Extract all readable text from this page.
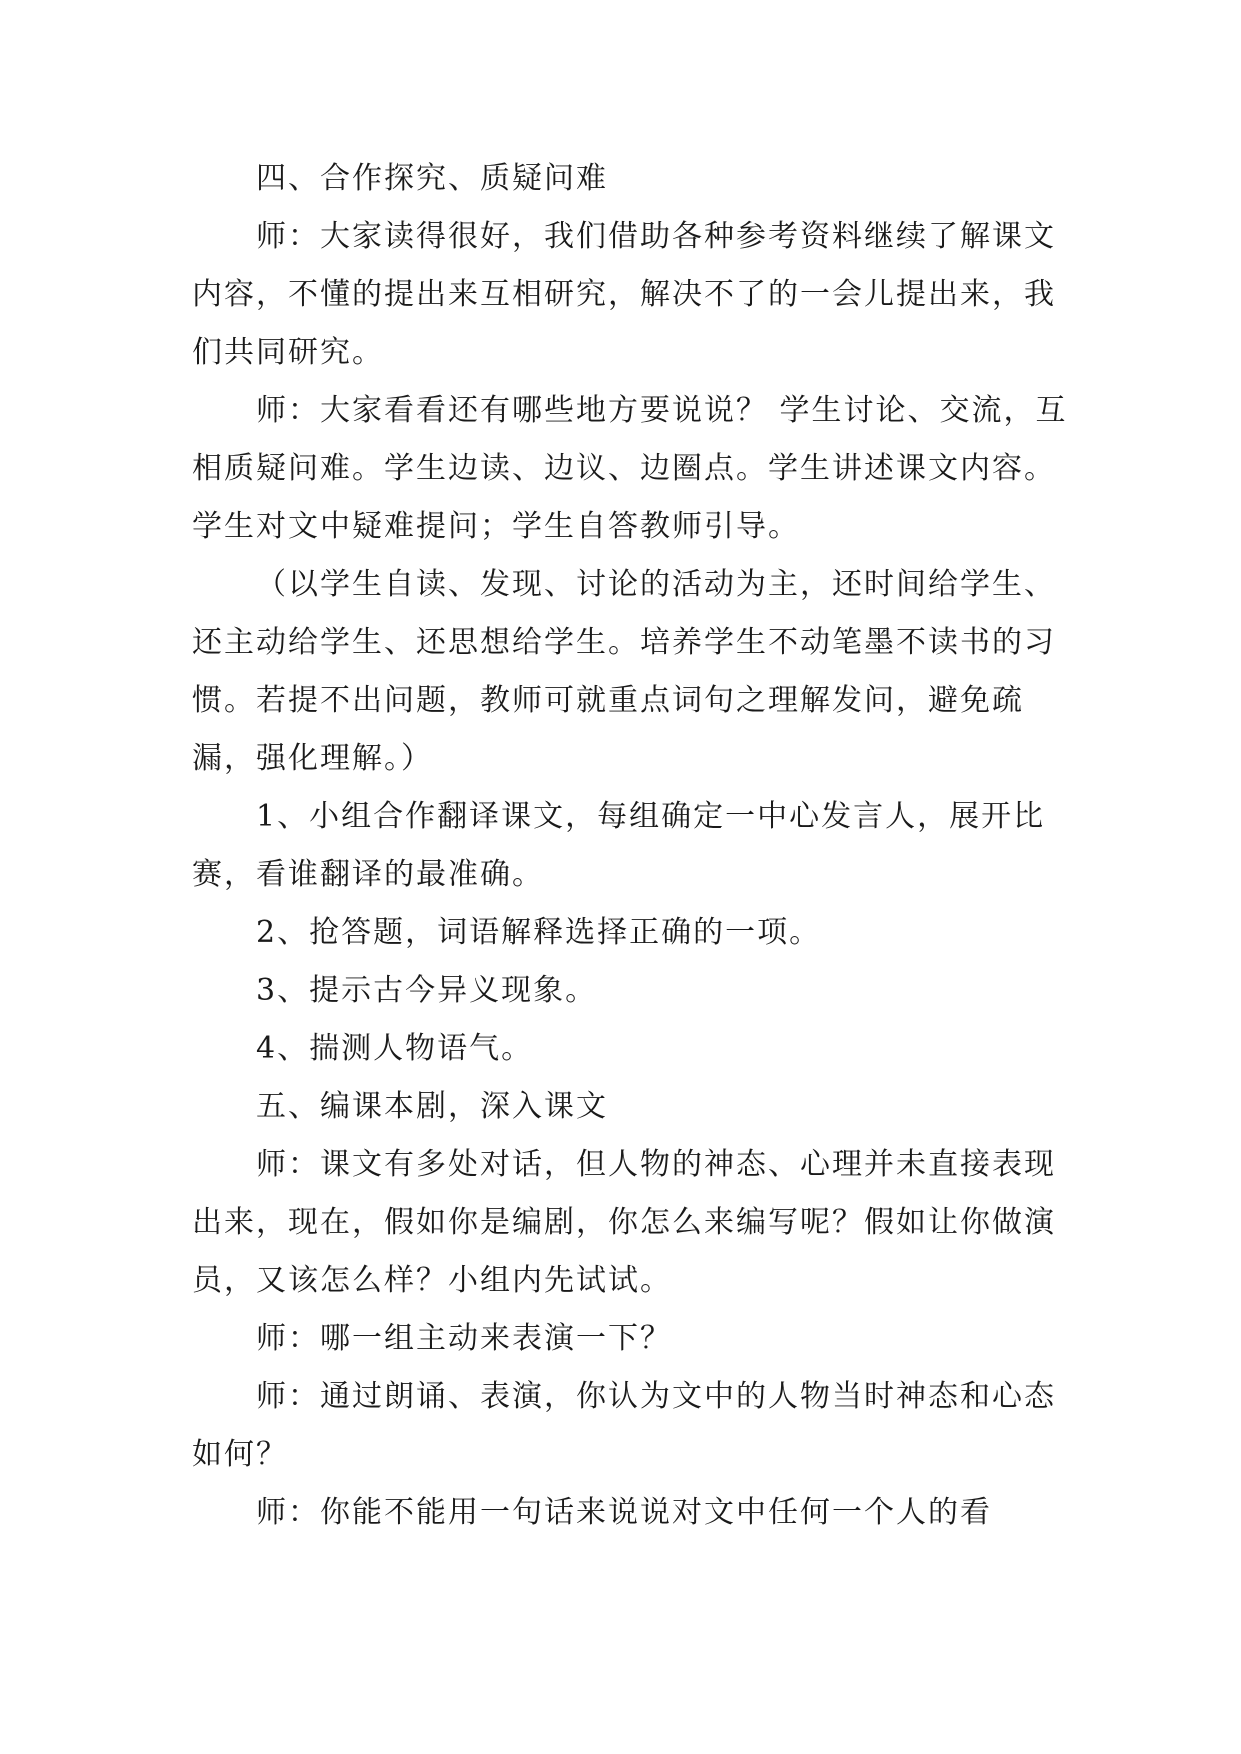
四、合作探究、质疑问难

师：大家读得很好，我们借助各种参考资料继续了解课文内容，不懂的提出来互相研究，解决不了的一会儿提出来，我们共同研究。

师：大家看看还有哪些地方要说说？ 学生讨论、交流，互相质疑问难。学生边读、边议、边圈点。学生讲述课文内容。学生对文中疑难提问；学生自答教师引导。

（以学生自读、发现、讨论的活动为主，还时间给学生、还主动给学生、还思想给学生。培养学生不动笔墨不读书的习惯。若提不出问题，教师可就重点词句之理解发问，避免疏漏，强化理解。）

1、小组合作翻译课文，每组确定一中心发言人，展开比赛，看谁翻译的最准确。

2、抢答题，词语解释选择正确的一项。

3、提示古今异义现象。

4、揣测人物语气。

五、编课本剧，深入课文

师：课文有多处对话，但人物的神态、心理并未直接表现出来，现在，假如你是编剧，你怎么来编写呢？假如让你做演员，又该怎么样？小组内先试试。

师：哪一组主动来表演一下？

师：通过朗诵、表演，你认为文中的人物当时神态和心态如何？

师：你能不能用一句话来说说对文中任何一个人的看
